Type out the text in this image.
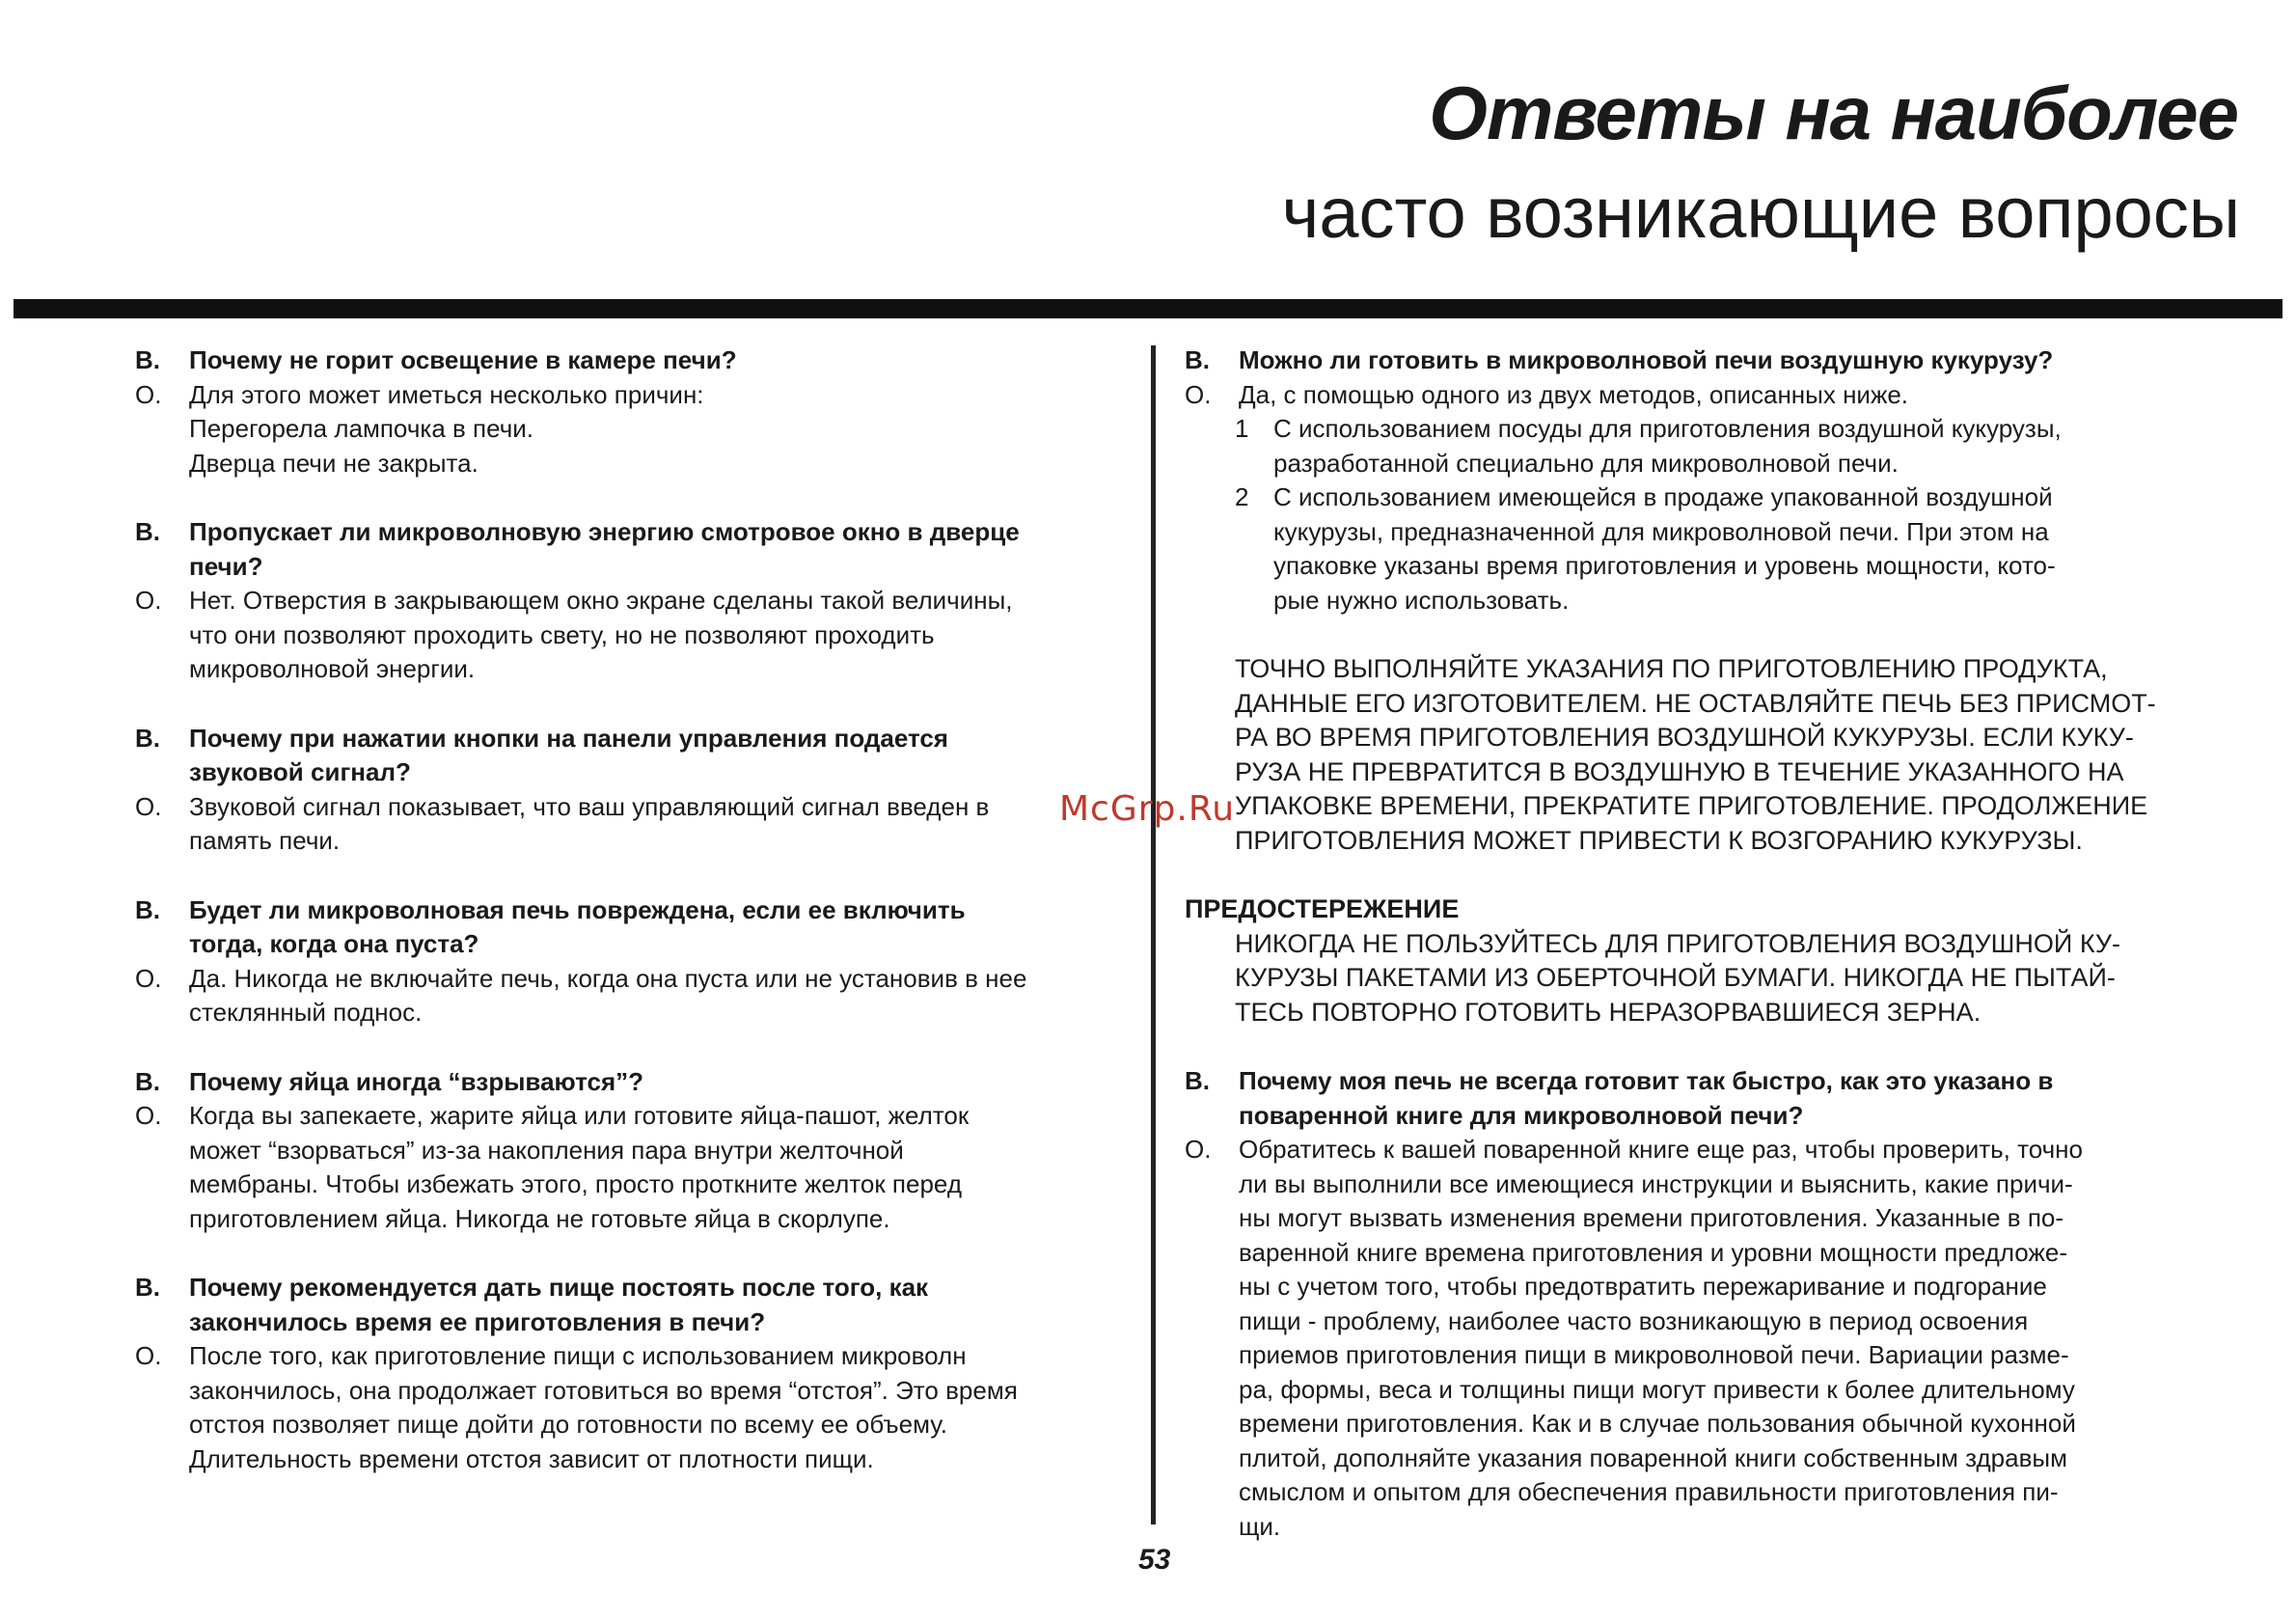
Ответы на наиболее
часто возникающие вопросы
В.	Почему не горит освещение в камере печи?
О.	Для этого может иметься несколько причин:
Перегорела лампочка в печи.
Дверца печи не закрыта.
В.	Пропускает ли микроволновую энергию смотровое окно в дверце
печи?
О.	Нет. Отверстия в закрывающем окно экране сделаны такой величины,
что они позволяют проходить свету, но не позволяют проходить
микроволновой энергии.
В.	Почему при нажатии кнопки на панели управления подается
звуковой сигнал?
О.	Звуковой сигнал показывает, что ваш управляющий сигнал введен в
память печи.
В.	Будет ли микроволновая печь повреждена, если ее включить
тогда, когда она пуста?
О.	Да. Никогда не включайте печь, когда она пуста или не установив в нее
стеклянный поднос.
В.	Почему яйца иногда “взрываются”?
О.	Когда вы запекаете, жарите яйца или готовите яйца-пашот, желток
может “взорваться” из-за накопления пара внутри желточной
мембраны. Чтобы избежать этого, просто проткните желток перед
приготовлением яйца. Никогда не готовьте яйца в скорлупе.
В.	Почему рекомендуется дать пище постоять после того, как
закончилось время ее приготовления в печи?
О.	После того, как приготовление пищи с использованием микроволн
закончилось, она продолжает готовиться во время “отстоя”. Это время
отстоя позволяет пище дойти до готовности по всему ее объему.
Длительность времени отстоя зависит от плотности пищи.
В.	Можно ли готовить в микроволновой печи воздушную кукурузу?
О.	Да, с помощью одного из двух методов, описанных ниже.
1 С использованием посуды для приготовления воздушной кукурузы,
разработанной специально для микроволновой печи.
2 С использованием имеющейся в продаже упакованной воздушной
кукурузы, предназначенной для микроволновой печи. При этом на
упаковке указаны время приготовления и уровень мощности, кото-
рые нужно использовать.
ТОЧНО ВЫПОЛНЯЙТЕ УКАЗАНИЯ ПО ПРИГОТОВЛЕНИЮ ПРОДУКТА,
ДАННЫЕ ЕГО ИЗГОТОВИТЕЛЕМ. НЕ ОСТАВЛЯЙТЕ ПЕЧЬ БЕЗ ПРИСМОТ-
РА ВО ВРЕМЯ ПРИГОТОВЛЕНИЯ ВОЗДУШНОЙ КУКУРУЗЫ. ЕСЛИ КУКУ-
РУЗА НЕ ПРЕВРАТИТСЯ В ВОЗДУШНУЮ В ТЕЧЕНИЕ УКАЗАННОГО НА
УПАКОВКЕ ВРЕМЕНИ, ПРЕКРАТИТЕ ПРИГОТОВЛЕНИЕ. ПРОДОЛЖЕНИЕ
ПРИГОТОВЛЕНИЯ МОЖЕТ ПРИВЕСТИ К ВОЗГОРАНИЮ КУКУРУЗЫ.
ПРЕДОСТЕРЕЖЕНИЕ
НИКОГДА НЕ ПОЛЬЗУЙТЕСЬ ДЛЯ ПРИГОТОВЛЕНИЯ ВОЗДУШНОЙ КУ-
КУРУЗЫ ПАКЕТАМИ ИЗ ОБЕРТОЧНОЙ БУМАГИ. НИКОГДА НЕ ПЫТАЙ-
ТЕСЬ ПОВТОРНО ГОТОВИТЬ НЕРАЗОРВАВШИЕСЯ ЗЕРНА.
В.	Почему моя печь не всегда готовит так быстро, как это указано в
поваренной книге для микроволновой печи?
О.	Обратитесь к вашей поваренной книге еще раз, чтобы проверить, точно
ли вы выполнили все имеющиеся инструкции и выяснить, какие причи-
ны могут вызвать изменения времени приготовления. Указанные в по-
варенной книге времена приготовления и уровни мощности предложе-
ны с учетом того, чтобы предотвратить пережаривание и подгорание
пищи - проблему, наиболее часто возникающую в период освоения
приемов приготовления пищи в микроволновой печи. Вариации разме-
ра, формы, веса и толщины пищи могут привести к более длительному
времени приготовления. Как и в случае пользования обычной кухонной
плитой, дополняйте указания поваренной книги собственным здравым
смыслом и опытом для обеспечения правильности приготовления пи-
щи.
McGrp.Ru
53
